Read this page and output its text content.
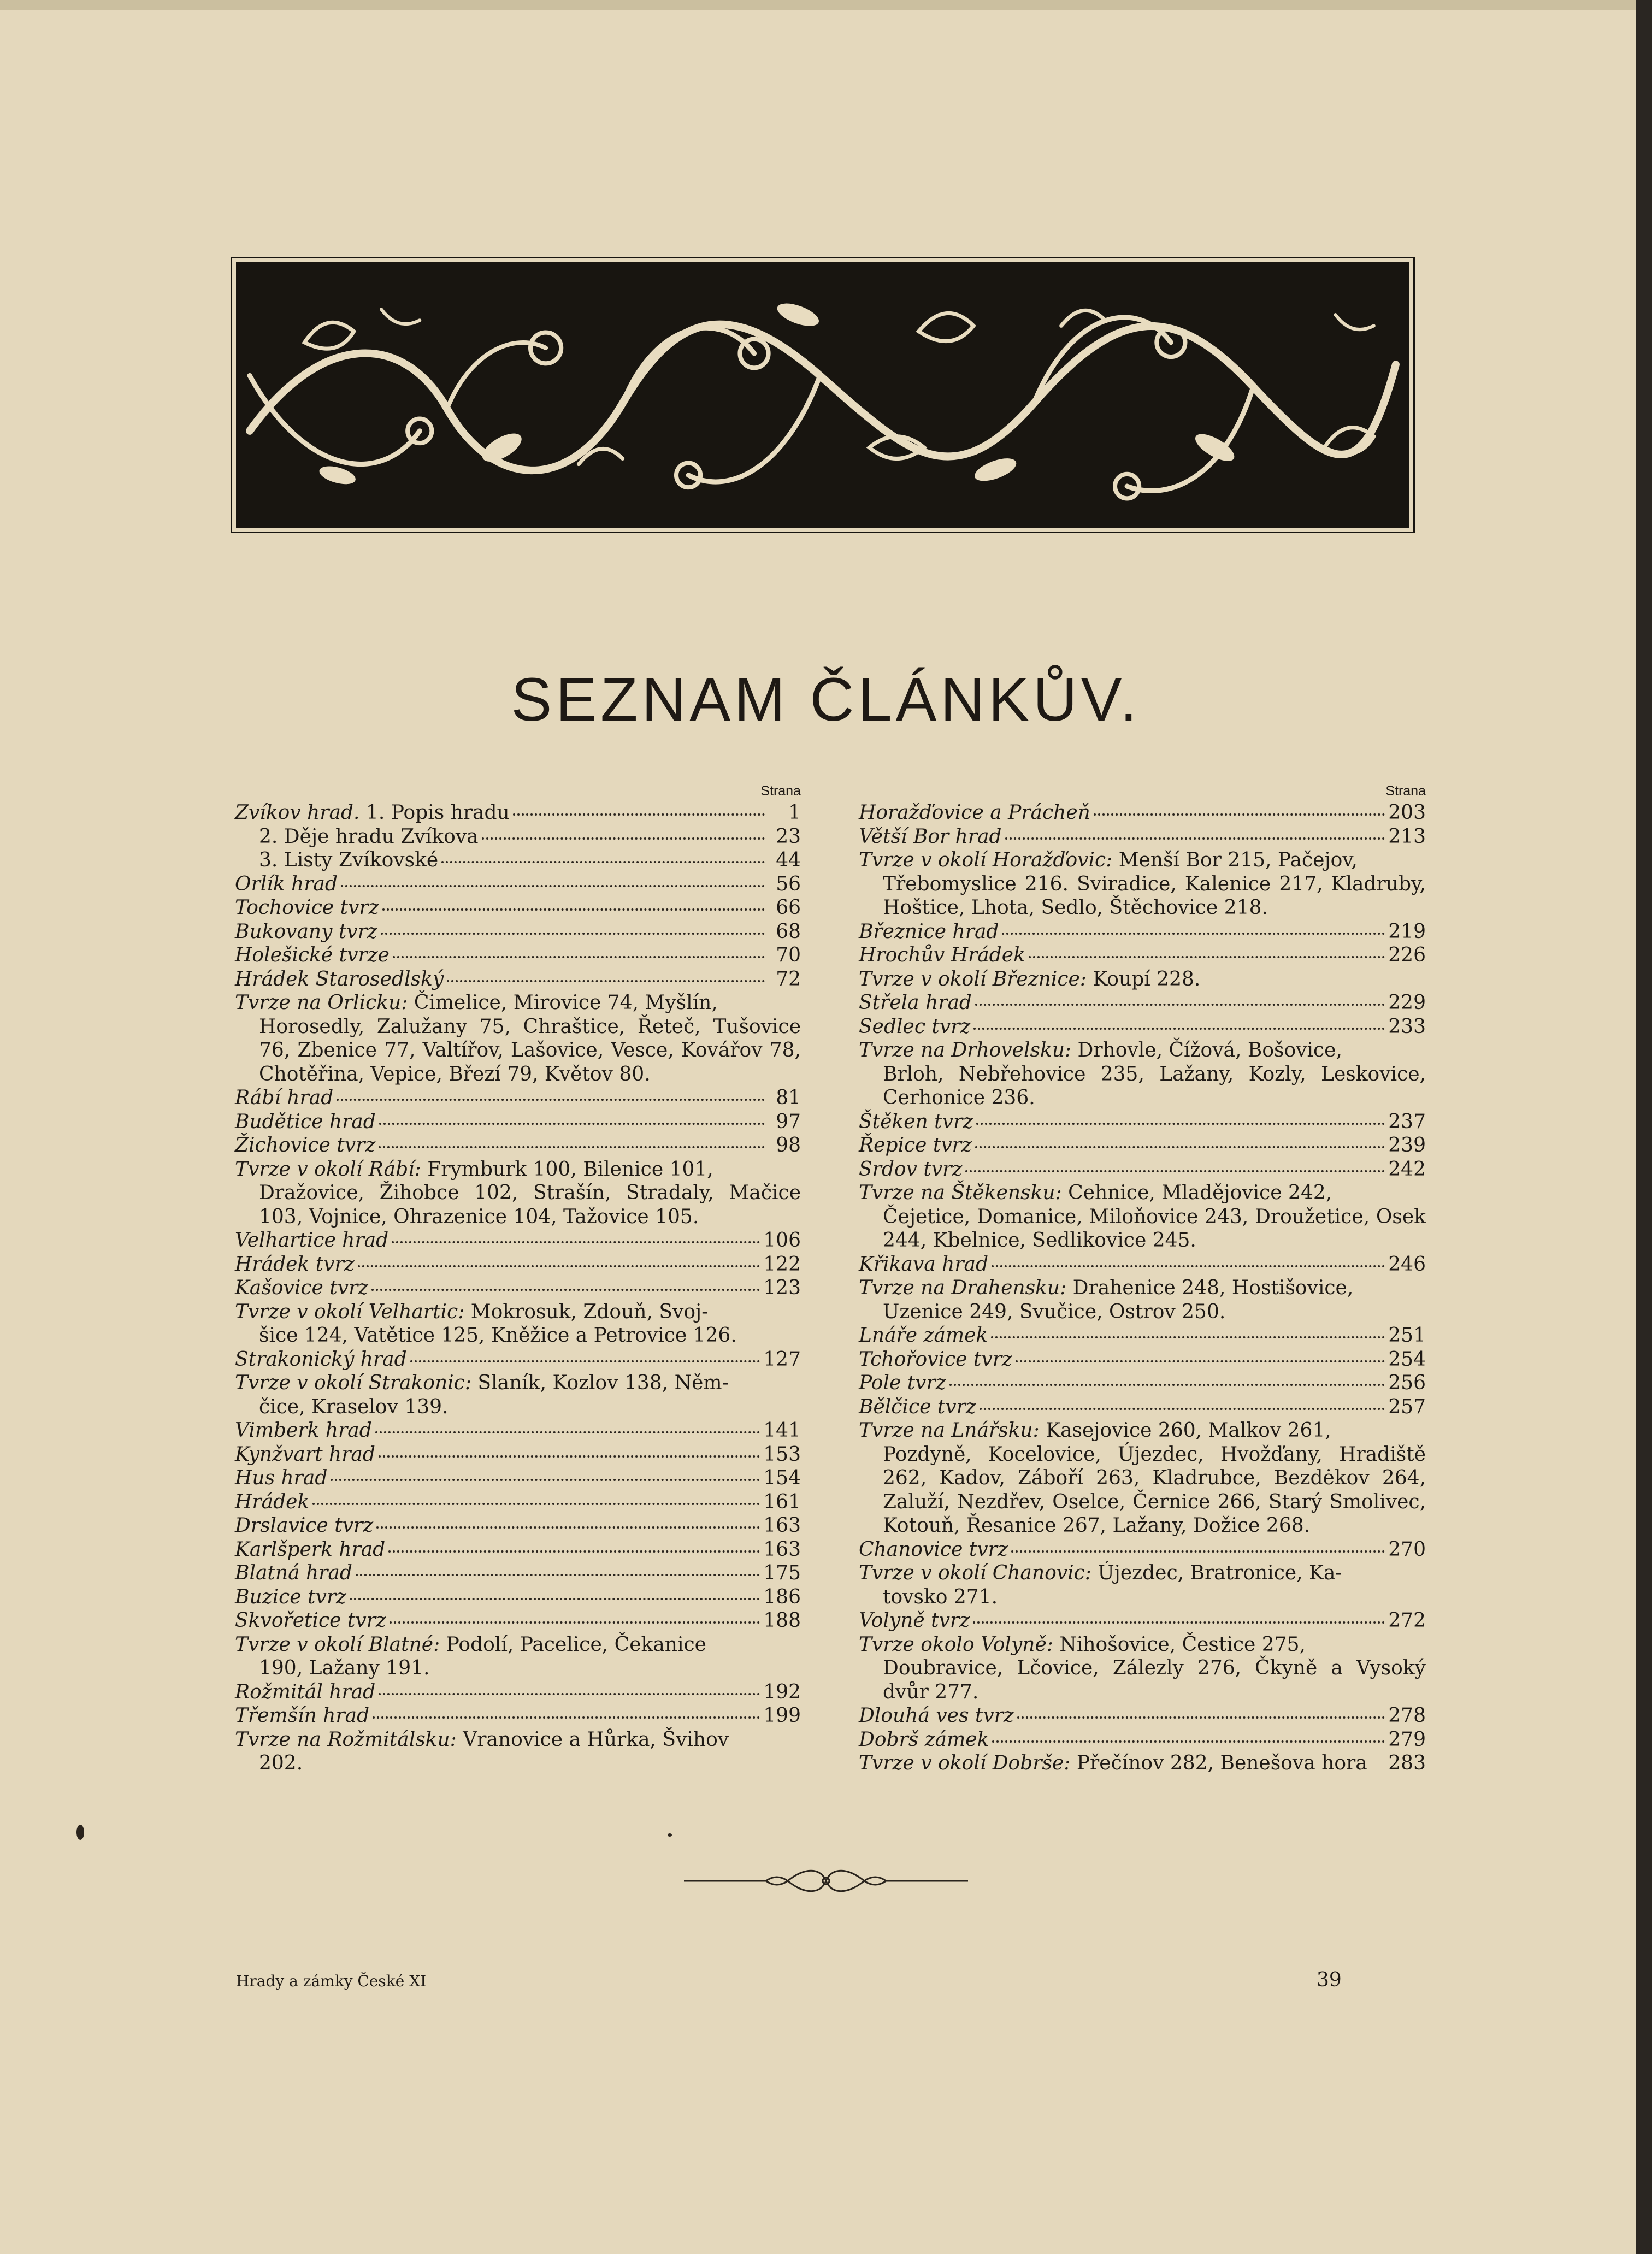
SEZNAM ČLÁNKŮV.
Strana
Zvíkov hrad. 1. Popis hradu	1
2. Děje hradu Zvíkova	23
3. Listy Zvíkovské	44
Orlík hrad	56
Tochovice tvrz	66
Bukovany tvrz	68
Holešické tvrze	70
Hrádek Starosedlský	72
Tvrze na Orlicku: Čimelice, Mirovice 74, Myšlín,
Horosedly, Zalužany 75, Chraštice, Řeteč, Tušovice 76, Zbenice 77, Valtířov, Lašovice, Vesce, Kovářov 78, Chotěřina, Vepice, Březí 79, Květov 80.
Rábí hrad	81
Budětice hrad	97
Žichovice tvrz	98
Tvrze v okolí Rábí: Frymburk 100, Bilenice 101,
Dražovice, Žihobce 102, Strašín, Stradaly, Mačice 103, Vojnice, Ohrazenice 104, Tažovice 105.
Velhartice hrad	106
Hrádek tvrz	122
Kašovice tvrz	123
Tvrze v okolí Velhartic: Mokrosuk, Zdouň, Svoj-
šice 124, Vatětice 125, Kněžice a Petrovice 126.
Strakonický hrad	127
Tvrze v okolí Strakonic: Slaník, Kozlov 138, Něm-
čice, Kraselov 139.
Vimberk hrad	141
Kynžvart hrad	153
Hus hrad	154
Hrádek	161
Drslavice tvrz	163
Karlšperk hrad	163
Blatná hrad	175
Buzice tvrz	186
Skvořetice tvrz	188
Tvrze v okolí Blatné: Podolí, Pacelice, Čekanice
190, Lažany 191.
Rožmitál hrad	192
Třemšín hrad	199
Tvrze na Rožmitálsku: Vranovice a Hůrka, Švihov
202.
Strana
Horažďovice a Prácheň	203
Větší Bor hrad	213
Tvrze v okolí Horažďovic: Menší Bor 215, Pačejov,
Třebomyslice 216. Sviradice, Kalenice 217, Kladruby, Hoštice, Lhota, Sedlo, Štěchovice 218.
Březnice hrad	219
Hrochův Hrádek	226
Tvrze v okolí Březnice: Koupí 228.
Střela hrad	229
Sedlec tvrz	233
Tvrze na Drhovelsku: Drhovle, Čížová, Bošovice,
Brloh, Nebřehovice 235, Lažany, Kozly, Leskovice, Cerhonice 236.
Štěken tvrz	237
Řepice tvrz	239
Srdov tvrz	242
Tvrze na Štěkensku: Cehnice, Mladějovice 242,
Čejetice, Domanice, Miloňovice 243, Droužetice, Osek 244, Kbelnice, Sedlikovice 245.
Křikava hrad	246
Tvrze na Drahensku: Drahenice 248, Hostišovice,
Uzenice 249, Svučice, Ostrov 250.
Lnáře zámek	251
Tchořovice tvrz	254
Pole tvrz	256
Bělčice tvrz	257
Tvrze na Lnářsku: Kasejovice 260, Malkov 261,
Pozdyně, Kocelovice, Újezdec, Hvožďany, Hradiště 262, Kadov, Záboří 263, Kladrubce, Bezdėkov 264, Zaluží, Nezdřev, Oselce, Černice 266, Starý Smolivec, Kotouň, Řesanice 267, Lažany, Dožice 268.
Chanovice tvrz	270
Tvrze v okolí Chanovic: Újezdec, Bratronice, Ka-
tovsko 271.
Volyně tvrz	272
Tvrze okolo Volyně: Nihošovice, Čestice 275,
Doubravice, Lčovice, Zálezly 276, Čkyně a Vysoký dvůr 277.
Dlouhá ves tvrz	278
Dobrš zámek	279
Tvrze v okolí Dobrše: Přečínov 282, Benešova hora 283
Hrady a zámky České XI	39
